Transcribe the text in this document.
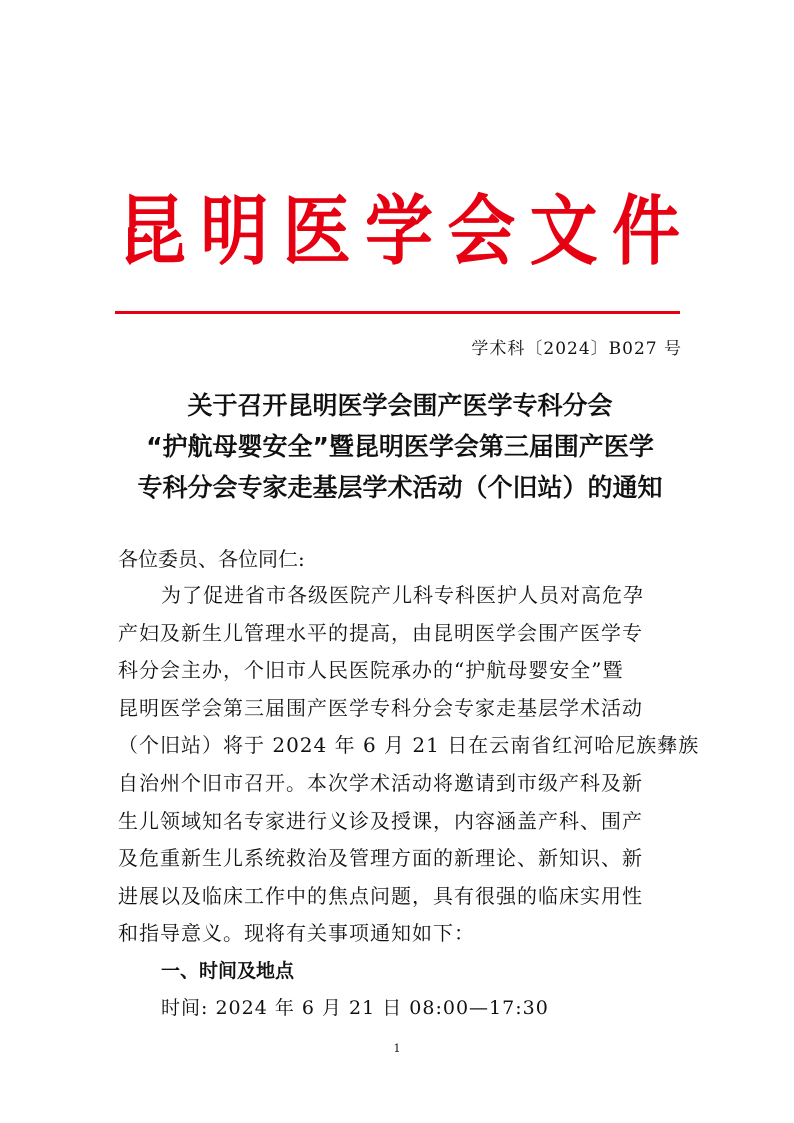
昆 明 医 学 会 文 件
学术科〔2024〕B027 号
关于召开昆明医学会围产医学专科分会
“护航母婴安全”暨昆明医学会第三届围产医学
专科分会专家走基层学术活动（个旧站）的通知
各位委员、各位同仁:
为了促进省市各级医院产儿科专科医护人员对高危孕
产妇及新生儿管理水平的提高，由昆明医学会围产医学专
科分会主办，个旧市人民医院承办的“护航母婴安全”暨
昆明医学会第三届围产医学专科分会专家走基层学术活动
（个旧站）将于 2024 年 6 月 21 日在云南省红河哈尼族彝族
自治州个旧市召开。本次学术活动将邀请到市级产科及新
生儿领域知名专家进行义诊及授课，内容涵盖产科、围产
及危重新生儿系统救治及管理方面的新理论、新知识、新
进展以及临床工作中的焦点问题，具有很强的临床实用性
和指导意义。现将有关事项通知如下：
一、时间及地点
时间: 2024 年 6 月 21 日 08:00—17:30
1
